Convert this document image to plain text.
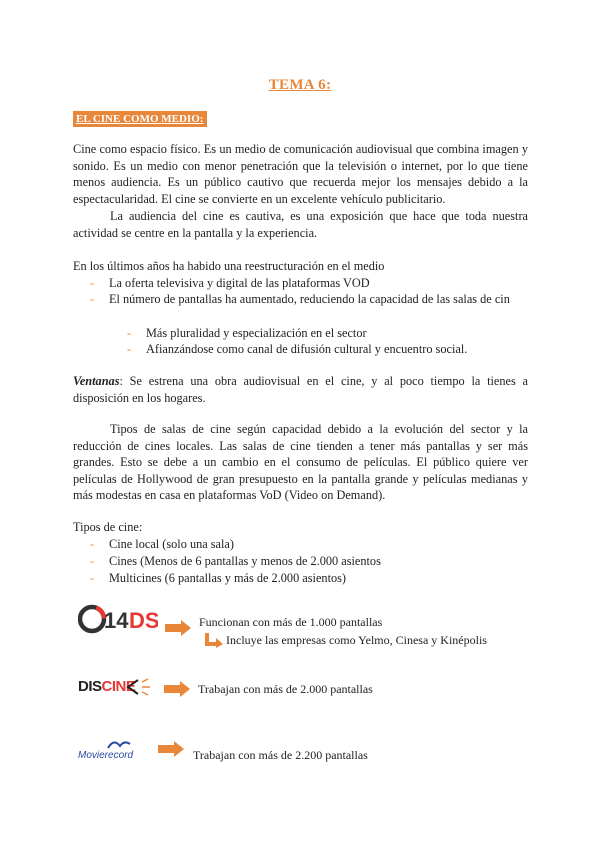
TEMA 6:
EL CINE COMO MEDIO:
Cine como espacio físico. Es un medio de comunicación audiovisual que combina imagen y sonido. Es un medio con menor penetración que la televisión o internet, por lo que tiene menos audiencia. Es un público cautivo que recuerda mejor los mensajes debido a la espectacularidad. El cine se convierte en un excelente vehículo publicitario.
La audiencia del cine es cautiva, es una exposición que hace que toda nuestra actividad se centre en la pantalla y la experiencia.
En los últimos años ha habido una reestructuración en el medio
- La oferta televisiva y digital de las plataformas VOD
- El número de pantallas ha aumentado, reduciendo la capacidad de las salas de cin
- Más pluralidad y especialización en el sector
- Afianzándose como canal de difusión cultural y encuentro social.
Ventanas: Se estrena una obra audiovisual en el cine, y al poco tiempo la tienes a disposición en los hogares.
Tipos de salas de cine según capacidad debido a la evolución del sector y la reducción de cines locales. Las salas de cine tienden a tener más pantallas y ser más grandes. Esto se debe a un cambio en el consumo de películas. El público quiere ver películas de Hollywood de gran presupuesto en la pantalla grande y películas medianas y más modestas en casa en plataformas VoD (Video on Demand).
Tipos de cine:
- Cine local (solo una sala)
- Cines (Menos de 6 pantallas y menos de 2.000 asientos
- Multicines (6 pantallas y más de 2.000 asientos)
14 DS	Funcionan con más de 1.000 pantallas
Incluye las empresas como Yelmo, Cinesa y Kinépolis
DISCINE	Trabajan con más de 2.000 pantallas
Movierecord	Trabajan con más de 2.200 pantallas
